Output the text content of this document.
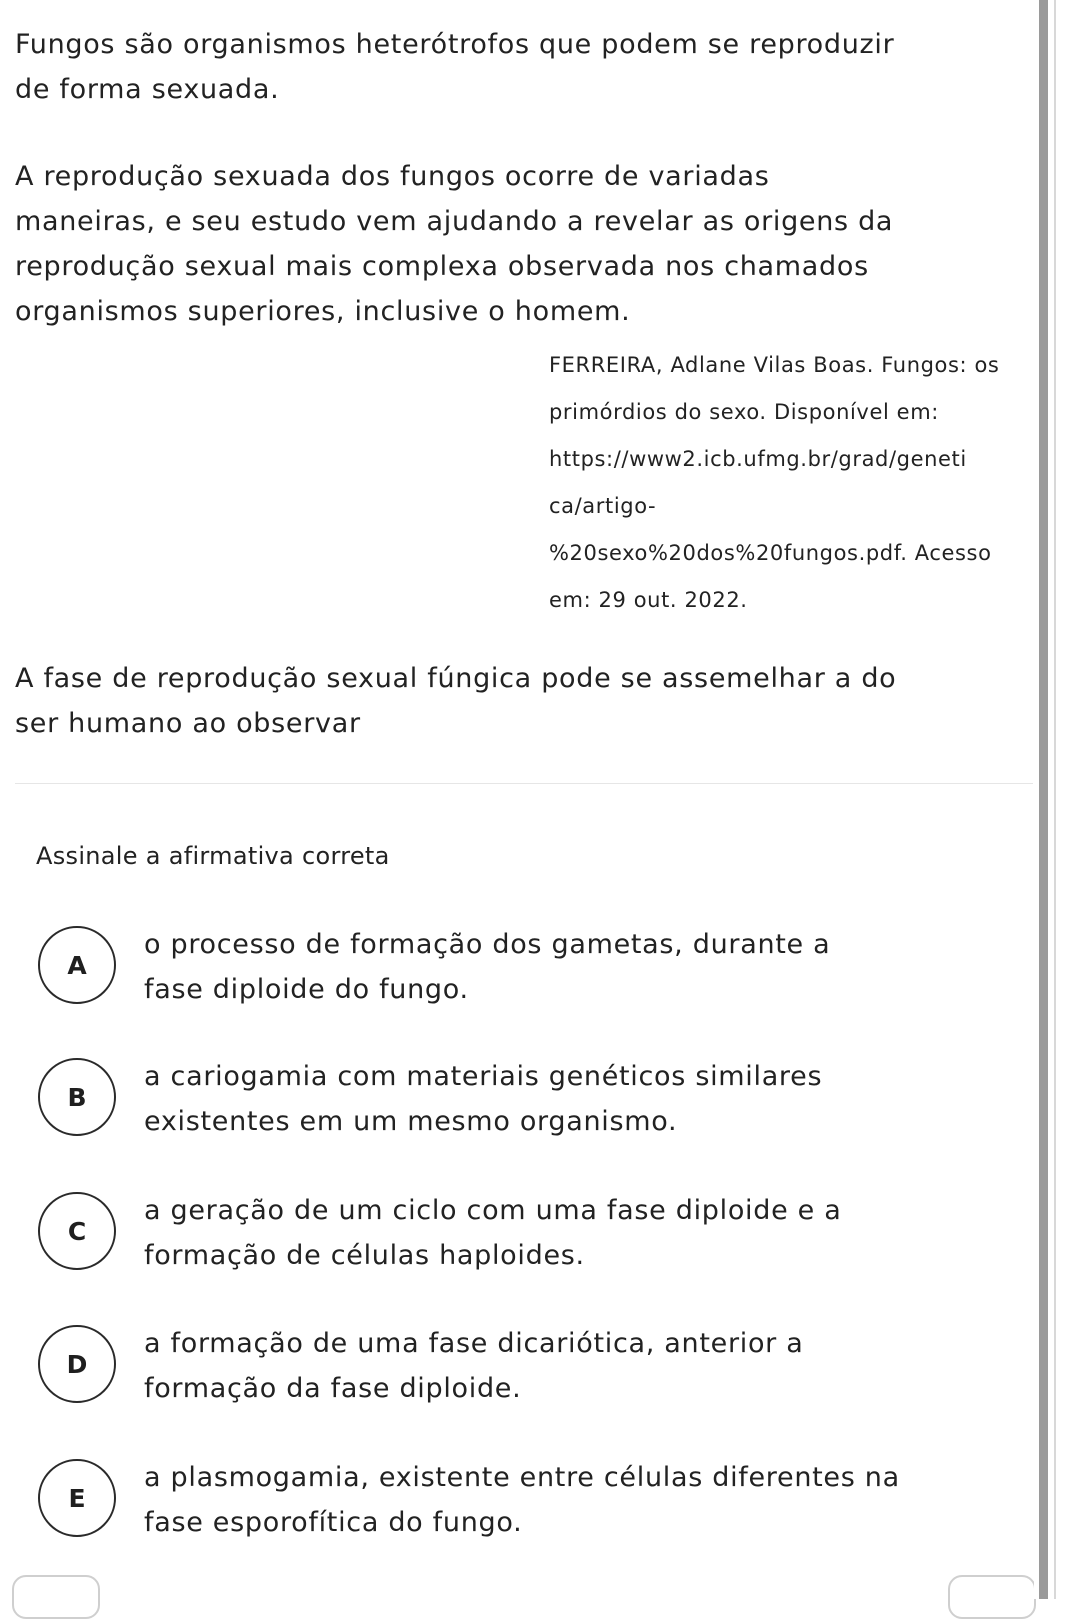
Fungos são organismos heterótrofos que podem se reproduzir
de forma sexuada.

A reprodução sexuada dos fungos ocorre de variadas
maneiras, e seu estudo vem ajudando a revelar as origens da
reprodução sexual mais complexa observada nos chamados
organismos superiores, inclusive o homem.

FERREIRA, Adlane Vilas Boas. Fungos: os
primórdios do sexo. Disponível em:
https://www2.icb.ufmg.br/grad/geneti
ca/artigo-
%20sexo%20dos%20fungos.pdf. Acesso
em: 29 out. 2022.

A fase de reprodução sexual fúngica pode se assemelhar a do
ser humano ao observar

Assinale a afirmativa correta
A
o processo de formação dos gametas, durante a
fase diploide do fungo.
B
a cariogamia com materiais genéticos similares
existentes em um mesmo organismo.
C
a geração de um ciclo com uma fase diploide e a
formação de células haploides.
D
a formação de uma fase dicariótica, anterior a
formação da fase diploide.
E
a plasmogamia, existente entre células diferentes na
fase esporofítica do fungo.
